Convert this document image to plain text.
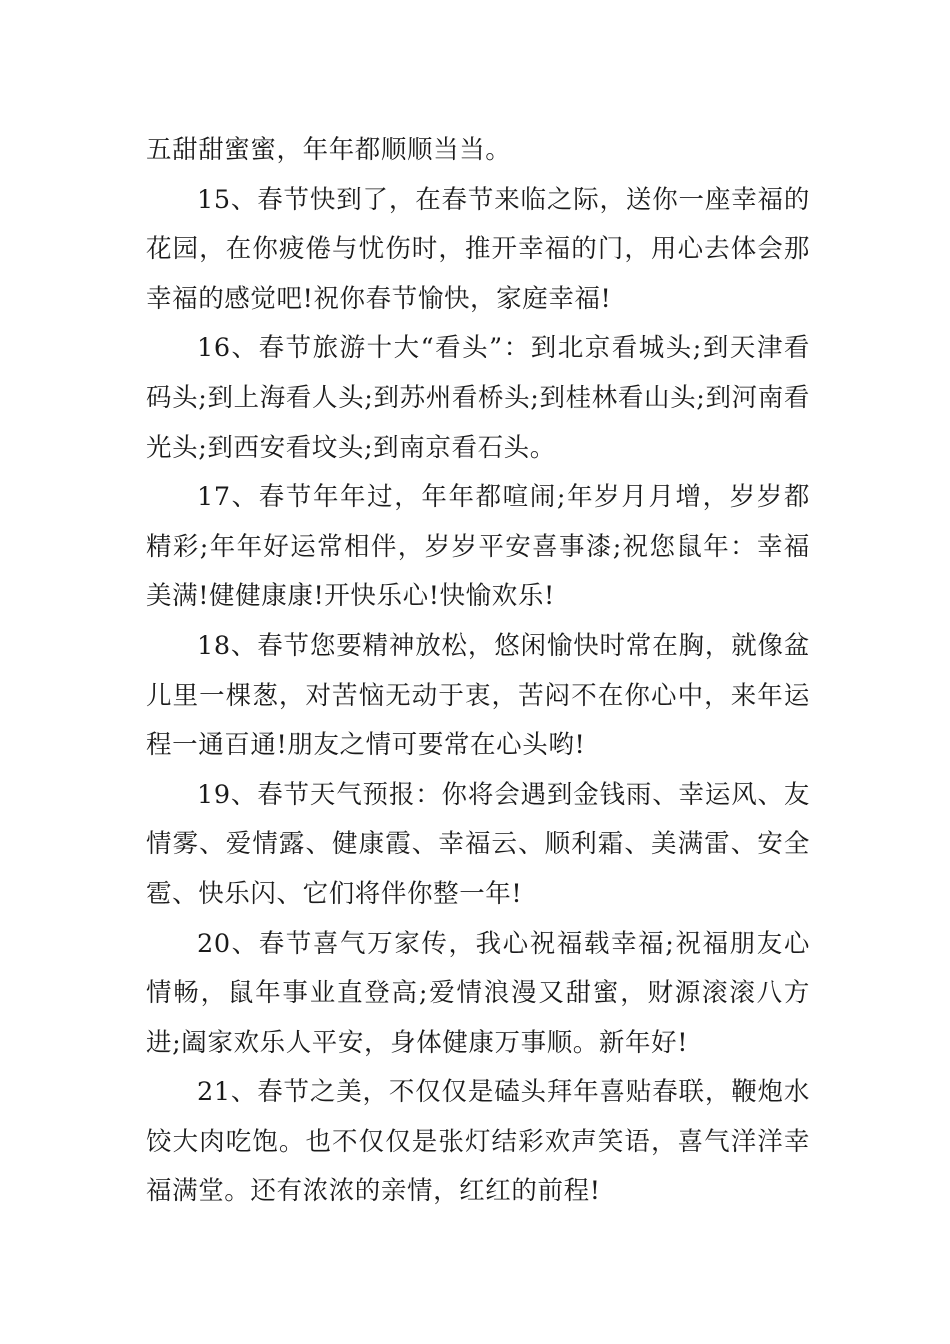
五甜甜蜜蜜，年年都顺顺当当。

15、春节快到了，在春节来临之际，送你一座幸福的花园，在你疲倦与忧伤时，推开幸福的门，用心去体会那幸福的感觉吧!祝你春节愉快，家庭幸福!

16、春节旅游十大“看头”：到北京看城头;到天津看码头;到上海看人头;到苏州看桥头;到桂林看山头;到河南看光头;到西安看坟头;到南京看石头。

17、春节年年过，年年都喧闹;年岁月月增，岁岁都精彩;年年好运常相伴，岁岁平安喜事漆;祝您鼠年：幸福美满!健健康康!开快乐心!快愉欢乐!

18、春节您要精神放松，悠闲愉快时常在胸，就像盆儿里一棵葱，对苦恼无动于衷，苦闷不在你心中，来年运程一通百通!朋友之情可要常在心头哟!

19、春节天气预报：你将会遇到金钱雨、幸运风、友情雾、爱情露、健康霞、幸福云、顺利霜、美满雷、安全雹、快乐闪、它们将伴你整一年!

20、春节喜气万家传，我心祝福载幸福;祝福朋友心情畅，鼠年事业直登高;爱情浪漫又甜蜜，财源滚滚八方进;阖家欢乐人平安，身体健康万事顺。新年好!

21、春节之美，不仅仅是磕头拜年喜贴春联，鞭炮水饺大肉吃饱。也不仅仅是张灯结彩欢声笑语，喜气洋洋幸福满堂。还有浓浓的亲情，红红的前程!
